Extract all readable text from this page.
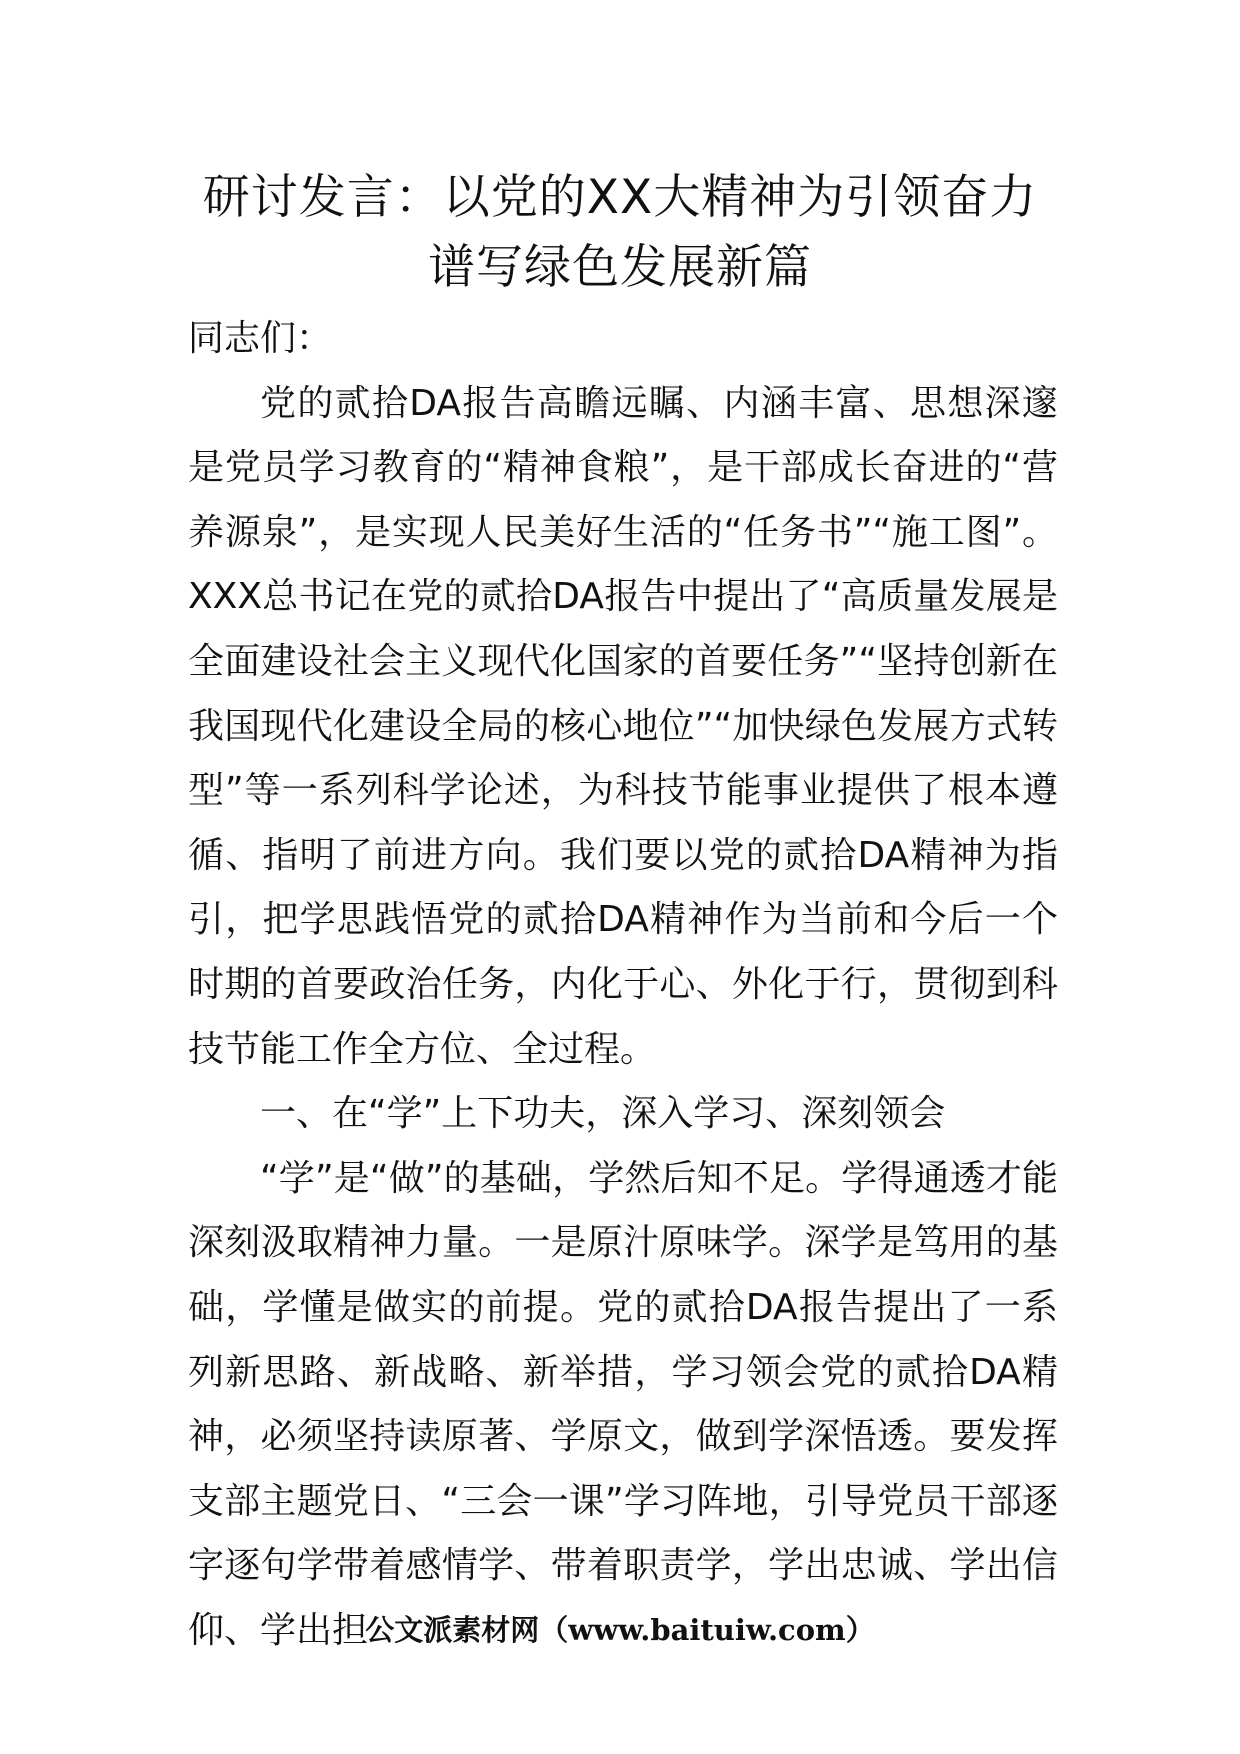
研讨发言：以党的XX大精神为引领奋力
谱写绿色发展新篇

同志们：

党的贰拾DA报告高瞻远瞩、内涵丰富、思想深邃是党员学习教育的“精神食粮”，是干部成长奋进的“营养源泉”，是实现人民美好生活的“任务书”“施工图”。XXX总书记在党的贰拾DA报告中提出了“高质量发展是全面建设社会主义现代化国家的首要任务”“坚持创新在我国现代化建设全局的核心地位”“加快绿色发展方式转型”等一系列科学论述，为科技节能事业提供了根本遵循、指明了前进方向。我们要以党的贰拾DA精神为指引，把学思践悟党的贰拾DA精神作为当前和今后一个时期的首要政治任务，内化于心、外化于行，贯彻到科技节能工作全方位、全过程。

一、在“学”上下功夫，深入学习、深刻领会

“学”是“做”的基础，学然后知不足。学得通透才能深刻汲取精神力量。一是原汁原味学。深学是笃用的基础，学懂是做实的前提。党的贰拾DA报告提出了一系列新思路、新战略、新举措，学习领会党的贰拾DA精神，必须坚持读原著、学原文，做到学深悟透。要发挥支部主题党日、“三会一课”学习阵地，引导党员干部逐字逐句学带着感情学、带着职责学，学出忠诚、学出信仰、学出担

公文派素材网（www.baituiw.com）
